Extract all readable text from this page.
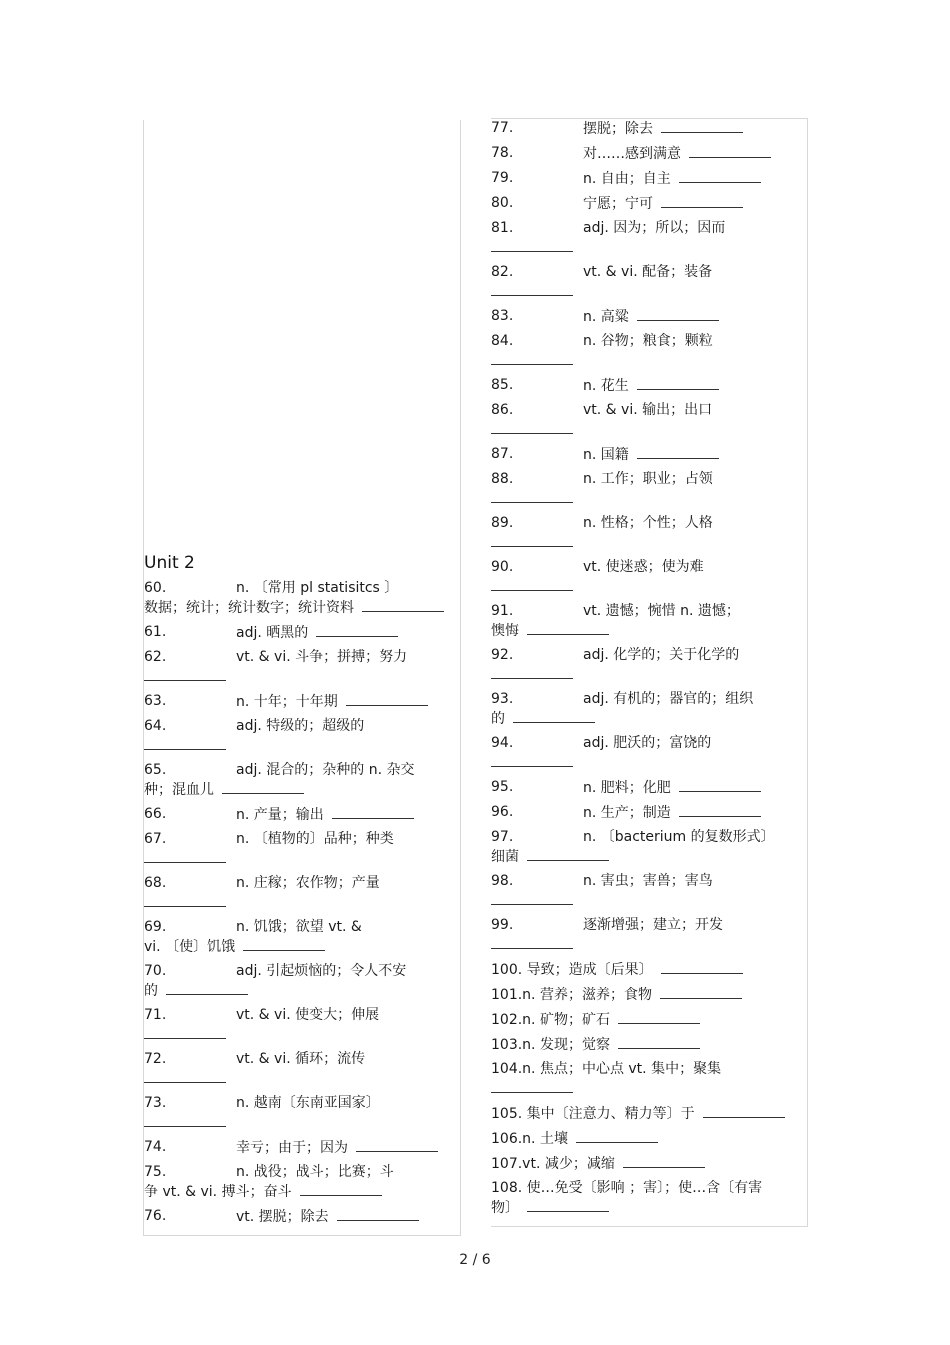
Unit 2
60.	n. 〔常用 pl statisitcs 〕
数据；统计；统计数字；统计资料
61.	adj. 晒黑的
62.	vt. & vi. 斗争；拼搏；努力
63.	n. 十年；十年期
64.	adj. 特级的；超级的
65.	adj. 混合的；杂种的 n. 杂交
种；混血儿
66.	n. 产量；输出
67.	n. 〔植物的〕品种；种类
68.	n. 庄稼；农作物；产量
69.	n. 饥饿；欲望 vt. &
vi. 〔使〕饥饿
70.	adj. 引起烦恼的；令人不安
的
71.	vt. & vi. 使变大；伸展
72.	vt. & vi. 循环；流传
73.	n. 越南〔东南亚国家〕
74.	幸亏；由于；因为
75.	n. 战役；战斗；比赛；斗
争 vt. & vi. 搏斗；奋斗
76.	vt. 摆脱；除去
77.	摆脱；除去
78.	对……感到满意
79.	n. 自由；自主
80.	宁愿；宁可
81.	adj. 因为；所以；因而
82.	vt. & vi. 配备；装备
83.	n. 高粱
84.	n. 谷物；粮食；颗粒
85.	n. 花生
86.	vt. & vi. 输出；出口
87.	n. 国籍
88.	n. 工作；职业；占领
89.	n. 性格；个性；人格
90.	vt. 使迷惑；使为难
91.	vt. 遗憾；惋惜 n. 遗憾；
懊悔
92.	adj. 化学的；关于化学的
93.	adj. 有机的；器官的；组织
的
94.	adj. 肥沃的；富饶的
95.	n. 肥料；化肥
96.	n. 生产；制造
97.	n. 〔bacterium 的复数形式〕
细菌
98.	n. 害虫；害兽；害鸟
99.	逐渐增强；建立；开发
100. 导致；造成〔后果〕
101.n. 营养；滋养；食物
102.n. 矿物；矿石
103.n. 发现；觉察
104.n. 焦点；中心点 vt. 集中；聚集
105. 集中〔注意力、精力等〕于
106.n. 土壤
107.vt. 减少；减缩
108. 使…免受〔影响 ；害〕；使…含〔有害
物〕
2 / 6
